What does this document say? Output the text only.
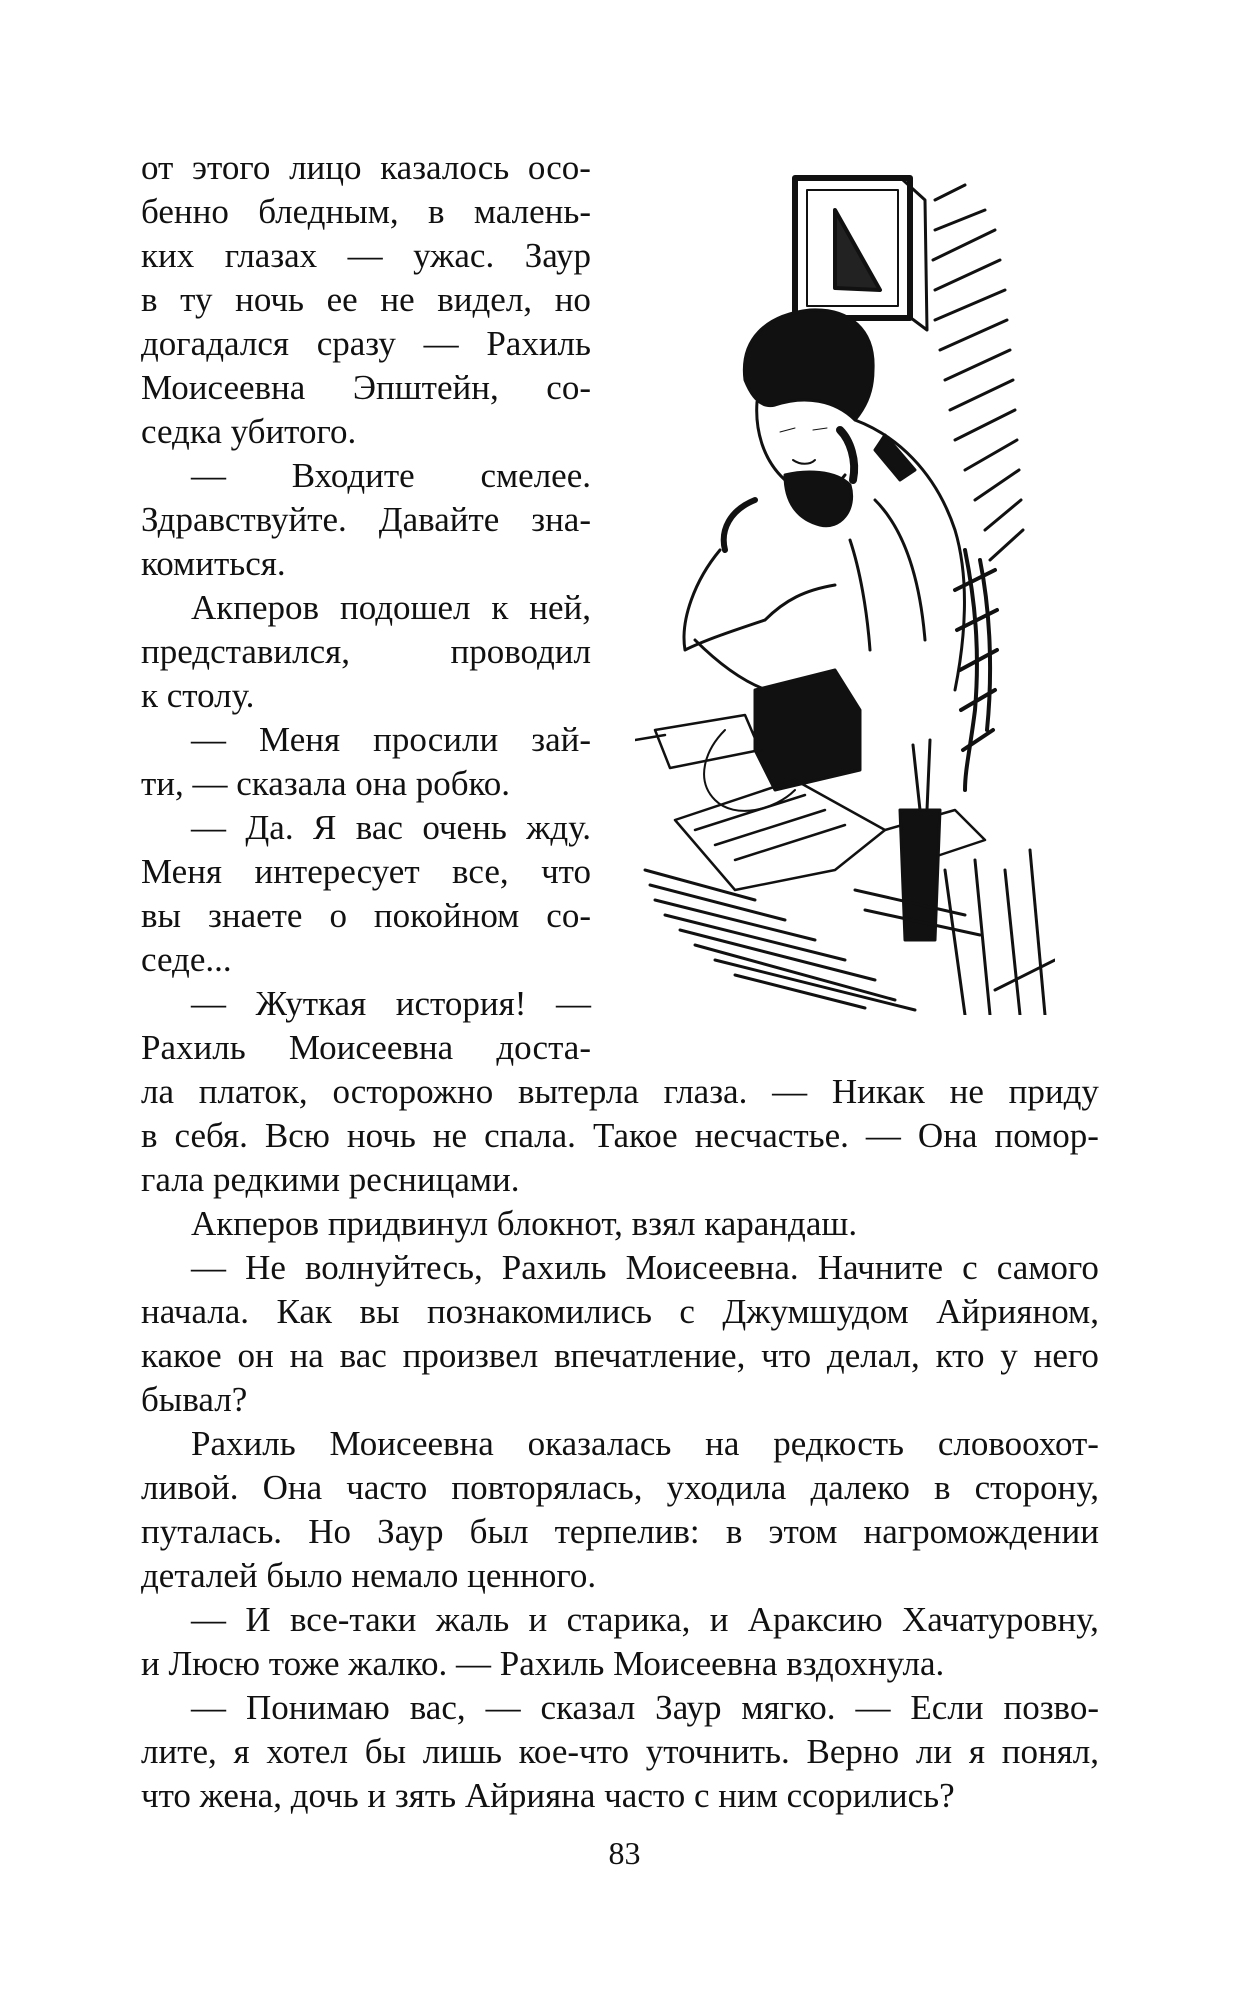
от этого лицо казалось осо-
бенно бледным, в малень-
ких глазах — ужас. Заур
в ту ночь ее не видел, но
догадался сразу — Рахиль
Моисеевна Эпштейн, со-
седка убитого.
— Входите смелее.
Здравствуйте. Давайте зна-
комиться.
Акперов подошел к ней,
представился,	проводил
к столу.
— Меня просили зай-
ти, — сказала она робко.
— Да. Я вас очень жду.
Меня интересует все, что
вы знаете о покойном со-
седе...
— Жуткая история! —
Рахиль Моисеевна доста-
ла платок, осторожно вытерла глаза. — Никак не приду
в себя. Всю ночь не спала. Такое несчастье. — Она помор-
гала редкими ресницами.
Акперов придвинул блокнот, взял карандаш.
— Не волнуйтесь, Рахиль Моисеевна. Начните с самого
начала. Как вы познакомились с Джумшудом Айрияном,
какое он на вас произвел впечатление, что делал, кто у него
бывал?
Рахиль Моисеевна оказалась на редкость словоохот-
ливой. Она часто повторялась, уходила далеко в сторону,
путалась. Но Заур был терпелив: в этом нагромождении
деталей было немало ценного.
— И все-таки жаль и старика, и Араксию Хачатуровну,
и Люсю тоже жалко. — Рахиль Моисеевна вздохнула.
— Понимаю вас, — сказал Заур мягко. — Если позво-
лите, я хотел бы лишь кое-что уточнить. Верно ли я понял,
что жена, дочь и зять Айрияна часто с ним ссорились?
83
